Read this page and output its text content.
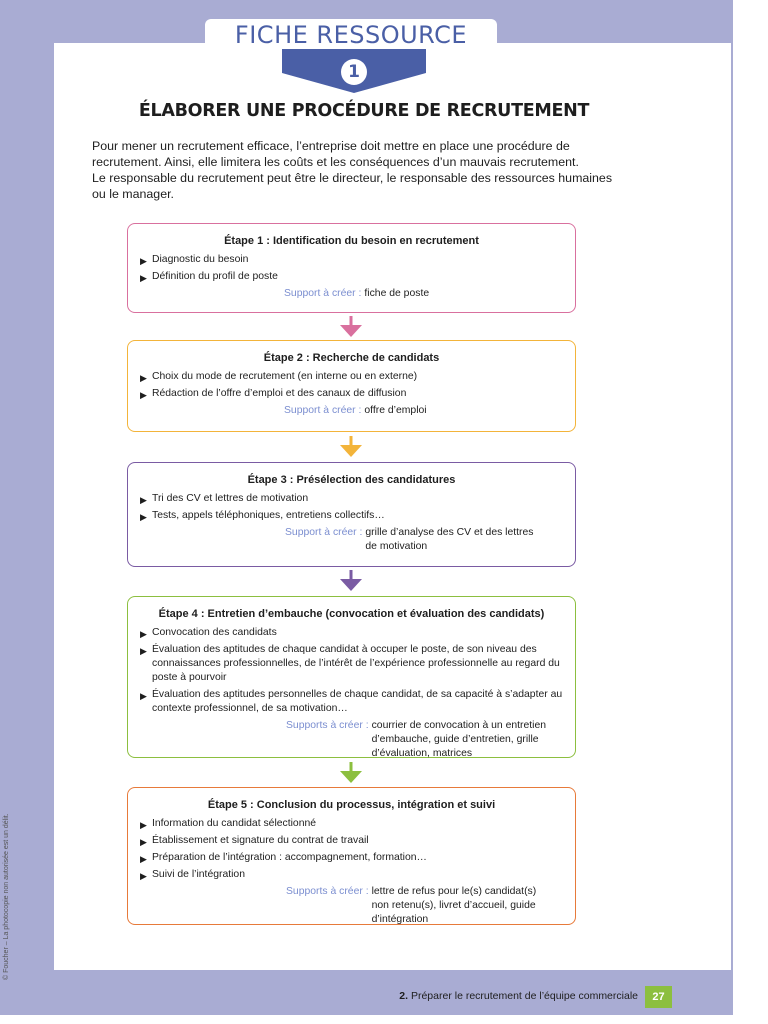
FICHE RESSOURCE
1
ÉLABORER UNE PROCÉDURE DE RECRUTEMENT

Pour mener un recrutement efficace, l’entreprise doit mettre en place une procédure de recrutement. Ainsi, elle limitera les coûts et les conséquences d’un mauvais recrutement.

Le responsable du recrutement peut être le directeur, le responsable des ressources humaines ou le manager.

Étape 1 : Identification du besoin en recrutement
▶ Diagnostic du besoin
▶ Définition du profil de poste
Support à créer : fiche de poste
Étape 2 : Recherche de candidats
▶ Choix du mode de recrutement (en interne ou en externe)
▶ Rédaction de l’offre d’emploi et des canaux de diffusion
Support à créer : offre d’emploi
Étape 3 : Présélection des candidatures
▶ Tri des CV et lettres de motivation
▶ Tests, appels téléphoniques, entretiens collectifs…
Support à créer : grille d’analyse des CV et des lettres de motivation
Étape 4 : Entretien d’embauche (convocation et évaluation des candidats)
▶ Convocation des candidats
▶ Évaluation des aptitudes de chaque candidat à occuper le poste, de son niveau des connaissances professionnelles, de l’intérêt de l’expérience professionnelle au regard du poste à pourvoir
▶ Évaluation des aptitudes personnelles de chaque candidat, de sa capacité à s’adapter au contexte professionnel, de sa motivation…
Supports à créer : courrier de convocation à un entretien d’embauche, guide d’entretien, grille d’évaluation, matrices
Étape 5 : Conclusion du processus, intégration et suivi
▶ Information du candidat sélectionné
▶ Établissement et signature du contrat de travail
▶ Préparation de l’intégration : accompagnement, formation…
▶ Suivi de l’intégration
Supports à créer : lettre de refus pour le(s) candidat(s) non retenu(s), livret d’accueil, guide d’intégration
© Foucher – La photocopie non autorisée est un délit.
2. Préparer le recrutement de l’équipe commerciale	27
